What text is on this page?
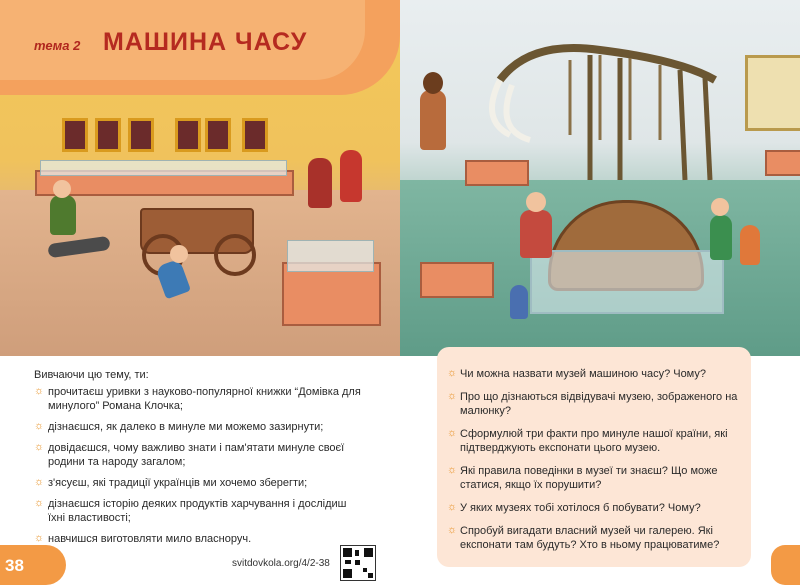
тема 2 МАШИНА ЧАСУ
Вивчаючи цю тему, ти:
☼ прочитаєш уривки з науково-популярної книжки “Домівка для минулого” Романа Клочка;
☼ дізнаєшся, як далеко в минуле ми можемо зазирнути;
☼ довідаєшся, чому важливо знати і пам'ятати минуле своєї родини та народу загалом;
☼ з'ясуєш, які традиції українців ми хочемо зберегти;
☼ дізнаєшся історію деяких продуктів харчування і дослідиш їхні властивості;
☼ навчишся виготовляти мило власноруч.
☼ Чи можна назвати музей машиною часу? Чому?
☼ Про що дізнаються відвідувачі музею, зображеного на малюнку?
☼ Сформулюй три факти про минуле нашої країни, які підтверджують експонати цього музею.
☼ Які правила поведінки в музеї ти знаєш? Що може статися, якщо їх порушити?
☼ У яких музеях тобі хотілося б побувати? Чому?
☼ Спробуй вигадати власний музей чи галерею. Які експонати там будуть? Хто в ньому працюватиме?
38	svitdovkola.org/4/2-38
